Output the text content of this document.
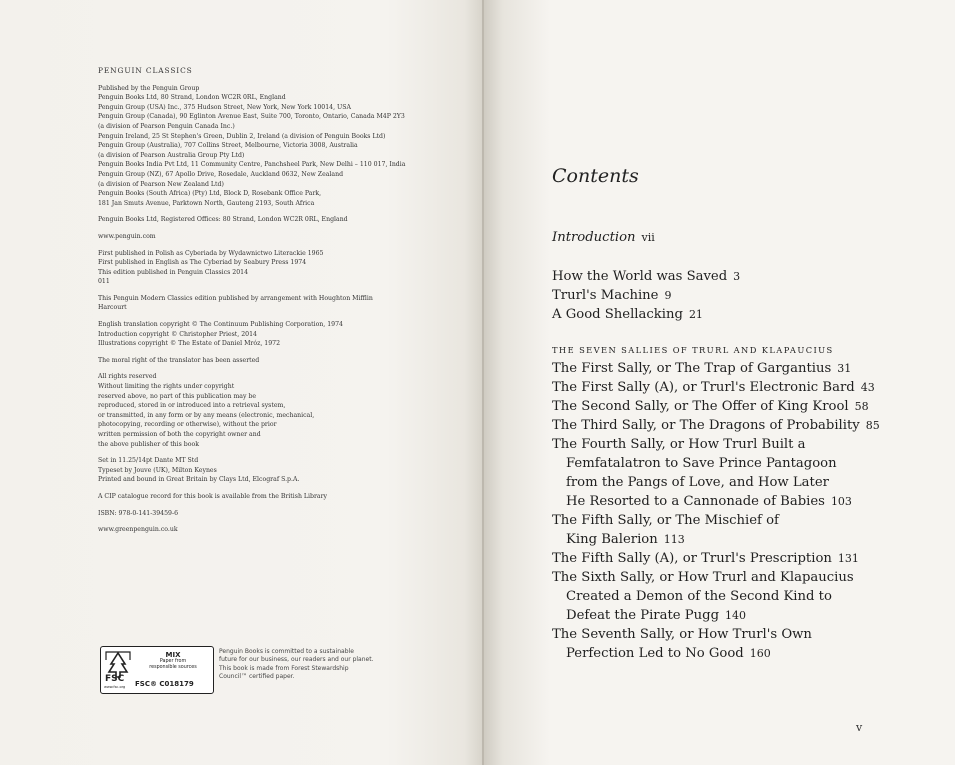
PENGUIN CLASSICS
Published by the Penguin Group
Penguin Books Ltd, 80 Strand, London WC2R 0RL, England
Penguin Group (USA) Inc., 375 Hudson Street, New York, New York 10014, USA
Penguin Group (Canada), 90 Eglinton Avenue East, Suite 700, Toronto, Ontario, Canada M4P 2Y3
(a division of Pearson Penguin Canada Inc.)
Penguin Ireland, 25 St Stephen's Green, Dublin 2, Ireland (a division of Penguin Books Ltd)
Penguin Group (Australia), 707 Collins Street, Melbourne, Victoria 3008, Australia
(a division of Pearson Australia Group Pty Ltd)
Penguin Books India Pvt Ltd, 11 Community Centre, Panchsheel Park, New Delhi – 110 017, India
Penguin Group (NZ), 67 Apollo Drive, Rosedale, Auckland 0632, New Zealand
(a division of Pearson New Zealand Ltd)
Penguin Books (South Africa) (Pty) Ltd, Block D, Rosebank Office Park,
181 Jan Smuts Avenue, Parktown North, Gauteng 2193, South Africa
Penguin Books Ltd, Registered Offices: 80 Strand, London WC2R 0RL, England
www.penguin.com
First published in Polish as Cyberiada by Wydawnictwo Literackie 1965
First published in English as The Cyberiad by Seabury Press 1974
This edition published in Penguin Classics 2014
011
This Penguin Modern Classics edition published by arrangement with Houghton Mifflin
Harcourt
English translation copyright © The Continuum Publishing Corporation, 1974
Introduction copyright © Christopher Priest, 2014
Illustrations copyright © The Estate of Daniel Mróz, 1972
The moral right of the translator has been asserted
All rights reserved
Without limiting the rights under copyright
reserved above, no part of this publication may be
reproduced, stored in or introduced into a retrieval system,
or transmitted, in any form or by any means (electronic, mechanical,
photocopying, recording or otherwise), without the prior
written permission of both the copyright owner and
the above publisher of this book
Set in 11.25/14pt Dante MT Std
Typeset by Jouve (UK), Milton Keynes
Printed and bound in Great Britain by Clays Ltd, Elcograf S.p.A.
A CIP catalogue record for this book is available from the British Library
ISBN: 978-0-141-39459-6
www.greenpenguin.co.uk
FSC
MIX
Paper from
responsible sources
FSC® C018179
www.fsc.org
Penguin Books is committed to a sustainable
future for our business, our readers and our planet.
This book is made from Forest Stewardship
Council™ certified paper.
Contents
Introduction vii
How the World was Saved 3
Trurl's Machine 9
A Good Shellacking 21
THE SEVEN SALLIES OF TRURL AND KLAPAUCIUS
The First Sally, or The Trap of Gargantius 31
The First Sally (A), or Trurl's Electronic Bard 43
The Second Sally, or The Offer of King Krool 58
The Third Sally, or The Dragons of Probability 85
The Fourth Sally, or How Trurl Built a
Femfatalatron to Save Prince Pantagoon
from the Pangs of Love, and How Later
He Resorted to a Cannonade of Babies 103
The Fifth Sally, or The Mischief of
King Balerion 113
The Fifth Sally (A), or Trurl's Prescription 131
The Sixth Sally, or How Trurl and Klapaucius
Created a Demon of the Second Kind to
Defeat the Pirate Pugg 140
The Seventh Sally, or How Trurl's Own
Perfection Led to No Good 160
v
